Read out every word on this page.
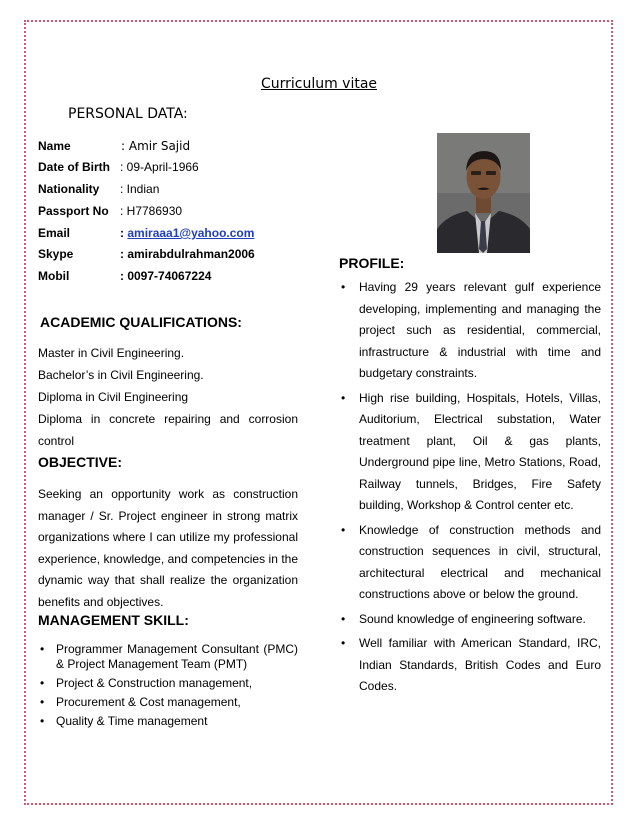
Curriculum vitae
PERSONAL DATA:
Name	: Amir Sajid
Date of Birth : 09-April-1966
Nationality : Indian
Passport No : H7786930
Email	: amiraaa1@yahoo.com
Skype	: amirabdulrahman2006
Mobil	: 0097-74067224
ACADEMIC QUALIFICATIONS:

Master in Civil Engineering.

Bachelor’s in Civil Engineering.

Diploma in Civil Engineering

Diploma in concrete repairing and corrosion control

OBJECTIVE:

Seeking an opportunity work as construction manager / Sr. Project engineer in strong matrix organizations where I can utilize my professional experience, knowledge, and competencies in the dynamic way that shall realize the organization benefits and objectives.

MANAGEMENT SKILL:
• Programmer Management Consultant (PMC) & Project Management Team (PMT)
• Project & Construction management,
• Procurement & Cost management,
• Quality & Time management
PROFILE:
• Having 29 years relevant gulf experience developing, implementing and managing the project such as residential, commercial, infrastructure & industrial with time and budgetary constraints.
• High rise building, Hospitals, Hotels, Villas, Auditorium, Electrical substation, Water treatment plant, Oil & gas plants, Underground pipe line, Metro Stations, Road, Railway tunnels, Bridges, Fire Safety building, Workshop & Control center etc.
• Knowledge of construction methods and construction sequences in civil, structural, architectural electrical and mechanical constructions above or below the ground.
• Sound knowledge of engineering software.
• Well familiar with American Standard, IRC, Indian Standards, British Codes and Euro Codes.
